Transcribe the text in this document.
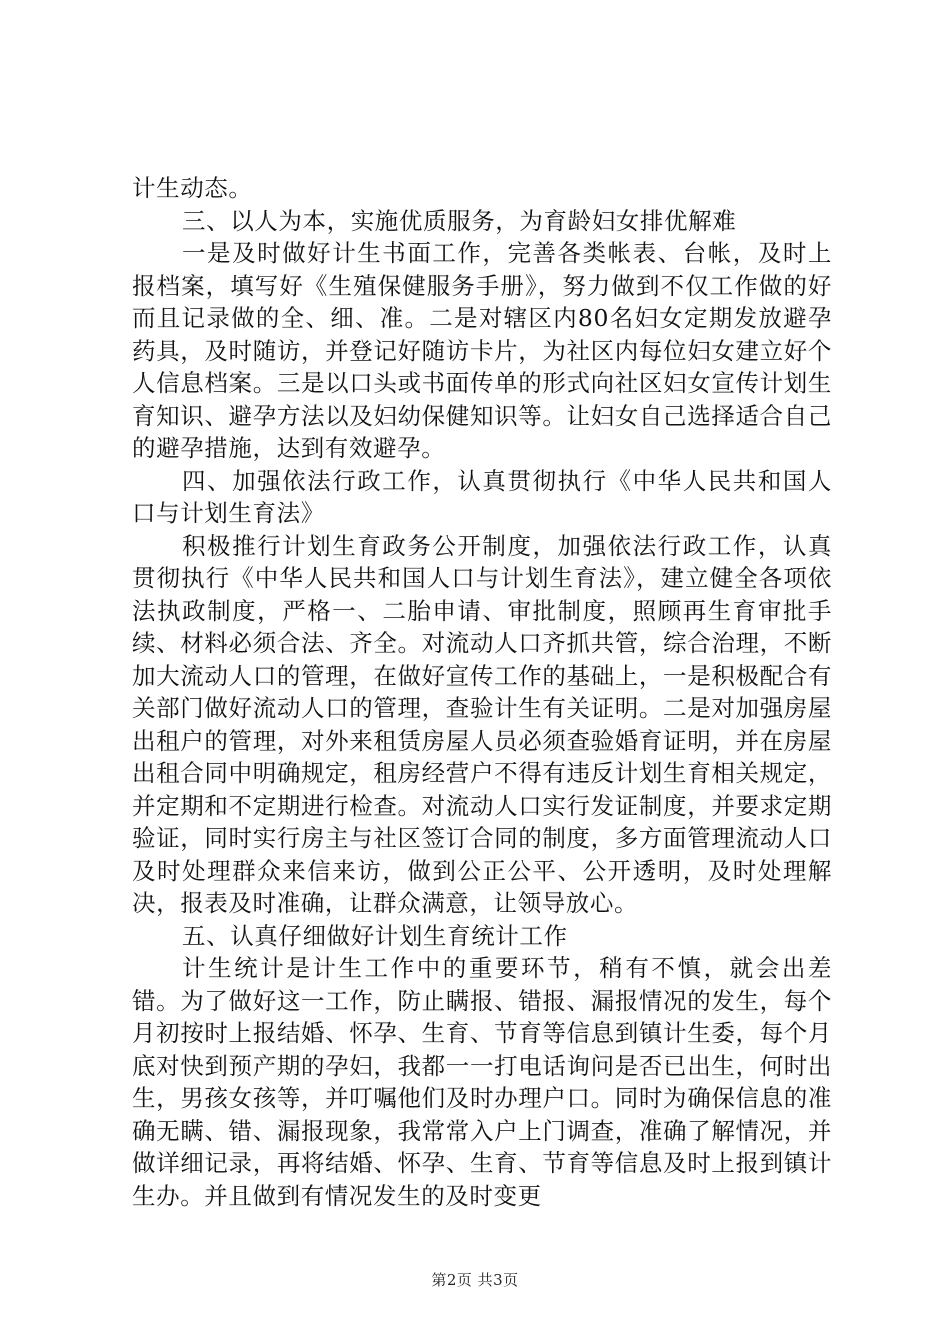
计生动态。

三、以人为本，实施优质服务，为育龄妇女排优解难

一是及时做好计生书面工作，完善各类帐表、台帐，及时上报档案，填写好《生殖保健服务手册》，努力做到不仅工作做的好而且记录做的全、细、准。二是对辖区内80名妇女定期发放避孕药具，及时随访，并登记好随访卡片，为社区内每位妇女建立好个人信息档案。三是以口头或书面传单的形式向社区妇女宣传计划生育知识、避孕方法以及妇幼保健知识等。让妇女自己选择适合自己的避孕措施，达到有效避孕。

四、加强依法行政工作，认真贯彻执行《中华人民共和国人口与计划生育法》

积极推行计划生育政务公开制度，加强依法行政工作，认真贯彻执行《中华人民共和国人口与计划生育法》，建立健全各项依法执政制度，严格一、二胎申请、审批制度，照顾再生育审批手续、材料必须合法、齐全。对流动人口齐抓共管，综合治理，不断加大流动人口的管理，在做好宣传工作的基础上，一是积极配合有关部门做好流动人口的管理，查验计生有关证明。二是对加强房屋出租户的管理，对外来租赁房屋人员必须查验婚育证明，并在房屋出租合同中明确规定，租房经营户不得有违反计划生育相关规定，并定期和不定期进行检查。对流动人口实行发证制度，并要求定期验证，同时实行房主与社区签订合同的制度，多方面管理流动人口及时处理群众来信来访，做到公正公平、公开透明，及时处理解决，报表及时准确，让群众满意，让领导放心。

五、认真仔细做好计划生育统计工作

计生统计是计生工作中的重要环节，稍有不慎，就会出差错。为了做好这一工作，防止瞒报、错报、漏报情况的发生，每个月初按时上报结婚、怀孕、生育、节育等信息到镇计生委，每个月底对快到预产期的孕妇，我都一一打电话询问是否已出生，何时出生，男孩女孩等，并叮嘱他们及时办理户口。同时为确保信息的准确无瞒、错、漏报现象，我常常入户上门调查，准确了解情况，并做详细记录，再将结婚、怀孕、生育、节育等信息及时上报到镇计生办。并且做到有情况发生的及时变更

第2页 共3页
